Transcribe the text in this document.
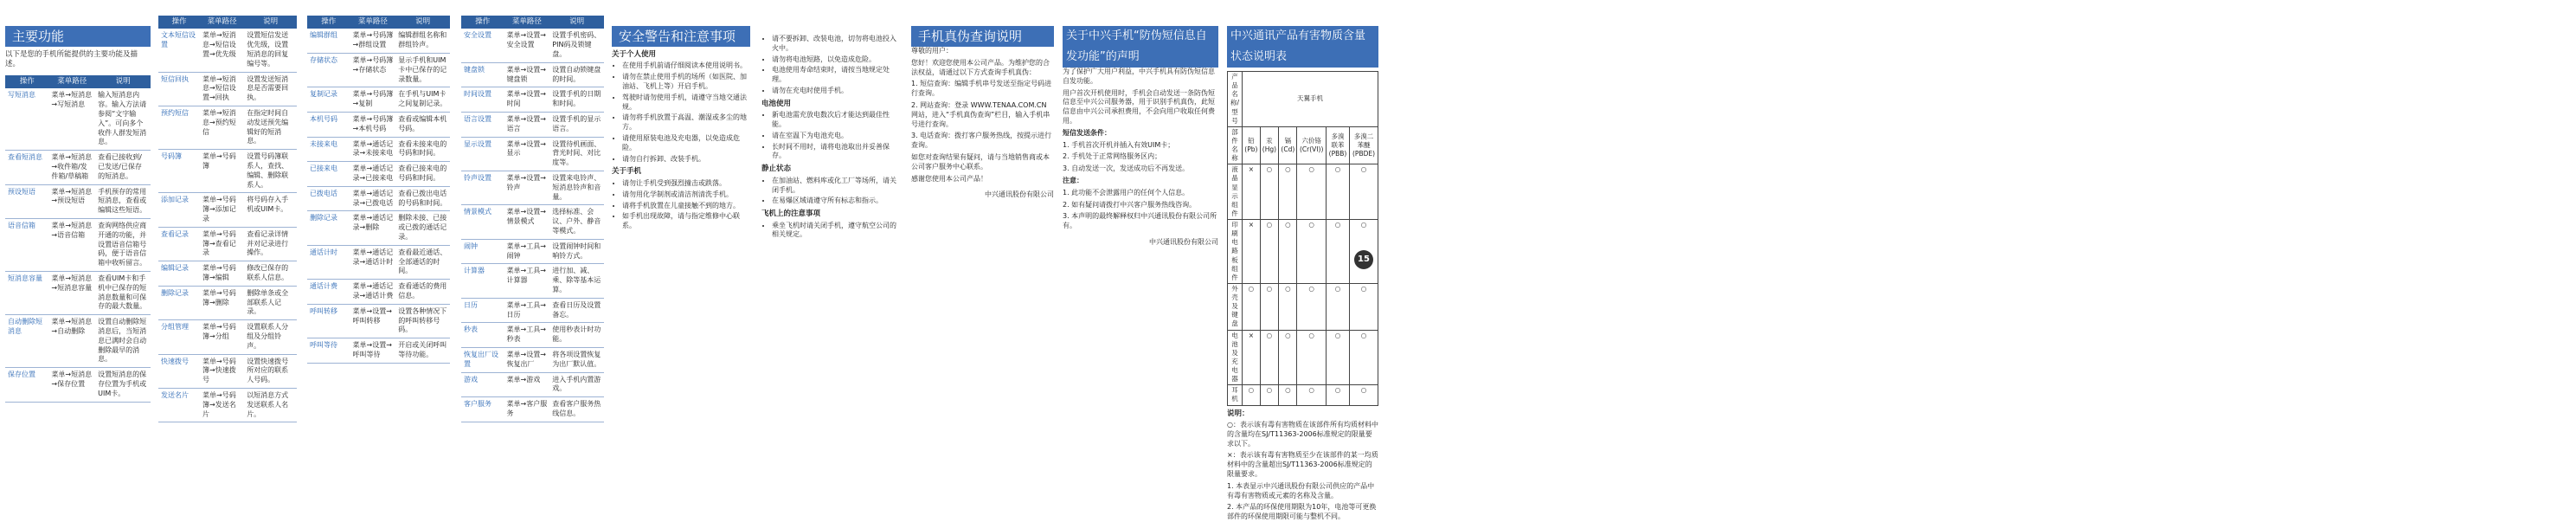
主要功能
以下是您的手机所能提供的主要功能及描述。
操作	菜单路径	说明
写短消息	菜单→短消息→写短消息	输入短消息内容。输入方法请参阅“文字输入”。可向多个收件人群发短消息。
查看短消息	菜单→短消息→收件箱/发件箱/草稿箱	查看已接收到/已发送/已保存的短消息。
预设短语	菜单→短消息→预设短语	手机预存的常用短消息，查看或编辑这些短语。
语音信箱	菜单→短消息→语音信箱	查询网络供应商开通的功能，并设置语音信箱号码，便于语音信箱中收听留言。
短消息容量	菜单→短消息→短消息容量	查看UIM卡和手机中已保存的短消息数量和可保存的最大数量。
自动删除短消息	菜单→短消息→自动删除	设置自动删除短消息后，当短消息已满时会自动删除最早的消息。
保存位置	菜单→短消息→保存位置	设置短消息的保存位置为手机或UIM卡。
操作	菜单路径	说明
文本短信设置	菜单→短消息→短信设置→优先级	设置短信发送优先级，设置短消息的回复编号等。
短信回执	菜单→短消息→短信设置→回执	设置发送短消息是否需要回执。
预约短信	菜单→短消息→预约短信	在指定时间自动发送预先编辑好的短消息。
号码簿	菜单→号码簿	设置号码簿联系人，查找、编辑、删除联系人。
添加记录	菜单→号码簿→添加记录	将号码存入手机或UIM卡。
查看记录	菜单→号码簿→查看记录	查看记录详情并对记录进行操作。
编辑记录	菜单→号码簿→编辑	修改已保存的联系人信息。
删除记录	菜单→号码簿→删除	删除单条或全部联系人记录。
分组管理	菜单→号码簿→分组	设置联系人分组及分组铃声。
快速拨号	菜单→号码簿→快速拨号	设置快速拨号所对应的联系人号码。
发送名片	菜单→号码簿→发送名片	以短消息方式发送联系人名片。
操作	菜单路径	说明
编辑群组	菜单→号码簿→群组设置	编辑群组名称和群组铃声。
存储状态	菜单→号码簿→存储状态	显示手机和UIM卡中已保存的记录数量。
复制记录	菜单→号码簿→复制	在手机与UIM卡之间复制记录。
本机号码	菜单→号码簿→本机号码	查看或编辑本机号码。
未接来电	菜单→通话记录→未接来电	查看未接来电的号码和时间。
已接来电	菜单→通话记录→已接来电	查看已接来电的号码和时间。
已拨电话	菜单→通话记录→已拨电话	查看已拨出电话的号码和时间。
删除记录	菜单→通话记录→删除	删除未接、已接或已拨的通话记录。
通话计时	菜单→通话记录→通话计时	查看最近通话、全部通话的时间。
通话计费	菜单→通话记录→通话计费	查看通话的费用信息。
呼叫转移	菜单→设置→呼叫转移	设置各种情况下的呼叫转移号码。
呼叫等待	菜单→设置→呼叫等待	开启或关闭呼叫等待功能。
操作	菜单路径	说明
安全设置	菜单→设置→安全设置	设置手机密码、PIN码及锁键盘。
键盘锁	菜单→设置→键盘锁	设置自动锁键盘的时间。
时间设置	菜单→设置→时间	设置手机的日期和时间。
语言设置	菜单→设置→语言	设置手机的显示语言。
显示设置	菜单→设置→显示	设置待机画面、背光时间、对比度等。
铃声设置	菜单→设置→铃声	设置来电铃声、短消息铃声和音量。
情景模式	菜单→设置→情景模式	选择标准、会议、户外、静音等模式。
闹钟	菜单→工具→闹钟	设置闹钟时间和响铃方式。
计算器	菜单→工具→计算器	进行加、减、乘、除等基本运算。
日历	菜单→工具→日历	查看日历及设置备忘。
秒表	菜单→工具→秒表	使用秒表计时功能。
恢复出厂设置	菜单→设置→恢复出厂	将各项设置恢复为出厂默认值。
游戏	菜单→游戏	进入手机内置游戏。
客户服务	菜单→客户服务	查看客户服务热线信息。
安全警告和注意事项
关于个人使用
• 在使用手机前请仔细阅读本使用说明书。
• 请勿在禁止使用手机的场所（如医院、加油站、飞机上等）开启手机。
• 驾驶时请勿使用手机，请遵守当地交通法规。
• 请勿将手机放置于高温、潮湿或多尘的地方。
• 请使用原装电池及充电器，以免造成危险。
• 请勿自行拆卸、改装手机。
关于手机
• 请勿让手机受到强烈撞击或跌落。
• 请勿用化学制剂或清洁剂清洗手机。
• 请将手机放置在儿童接触不到的地方。
• 如手机出现故障，请与指定维修中心联系。
• 请不要拆卸、改装电池，切勿将电池投入火中。
• 请勿将电池短路，以免造成危险。
• 电池使用寿命结束时，请按当地规定处理。
• 请勿在充电时使用手机。
电池使用
• 新电池需充放电数次后才能达到最佳性能。
• 请在室温下为电池充电。
• 长时间不用时，请将电池取出并妥善保存。
静止状态
• 在加油站、燃料库或化工厂等场所，请关闭手机。
• 在易爆区域请遵守所有标志和指示。
飞机上的注意事项
• 乘坐飞机时请关闭手机，遵守航空公司的相关规定。
手机真伪查询说明

尊敬的用户：

您好！欢迎您使用本公司产品。为维护您的合法权益，请通过以下方式查询手机真伪：

1. 短信查询：编辑手机串号发送至指定号码进行查询。

2. 网站查询：登录 WWW.TENAA.COM.CN 网站，进入“手机真伪查询”栏目，输入手机串号进行查询。

3. 电话查询：拨打客户服务热线，按提示进行查询。

如您对查询结果有疑问，请与当地销售商或本公司客户服务中心联系。

感谢您使用本公司产品！

中兴通讯股份有限公司
关于中兴手机“防伪短信息自发功能”的声明

为了保护广大用户利益，中兴手机具有防伪短信息自发功能。

用户首次开机使用时，手机会自动发送一条防伪短信息至中兴公司服务器，用于识别手机真伪，此短信息由中兴公司承担费用，不会向用户收取任何费用。

短信发送条件：

1. 手机首次开机并插入有效UIM卡；

2. 手机处于正常网络服务区内；

3. 自动发送一次，发送成功后不再发送。

注意：

1. 此功能不会泄露用户的任何个人信息。

2. 如有疑问请拨打中兴客户服务热线咨询。

3. 本声明的最终解释权归中兴通讯股份有限公司所有。

中兴通讯股份有限公司
中兴通讯产品有害物质含量状态说明表
产品名称/型号	天翼手机					
部件名称	铅(Pb)	汞(Hg)	镉(Cd)	六价铬(Cr(VI))	多溴联苯(PBB)	多溴二苯醚(PBDE)
液晶显示组件	×	○	○	○	○	○
印刷电路板组件	×	○	○	○	○	○
外壳及键盘	○	○	○	○	○	○
电池及充电器	×	○	○	○	○	○
耳机	○	○	○	○	○	○
说明：

○：表示该有毒有害物质在该部件所有均质材料中的含量均在SJ/T11363-2006标准规定的限量要求以下。

×：表示该有毒有害物质至少在该部件的某一均质材料中的含量超出SJ/T11363-2006标准规定的限量要求。

1. 本表显示中兴通讯股份有限公司供应的产品中有毒有害物质或元素的名称及含量。

2. 本产品的环保使用期限为10年，电池等可更换部件的环保使用期限可能与整机不同。

15
